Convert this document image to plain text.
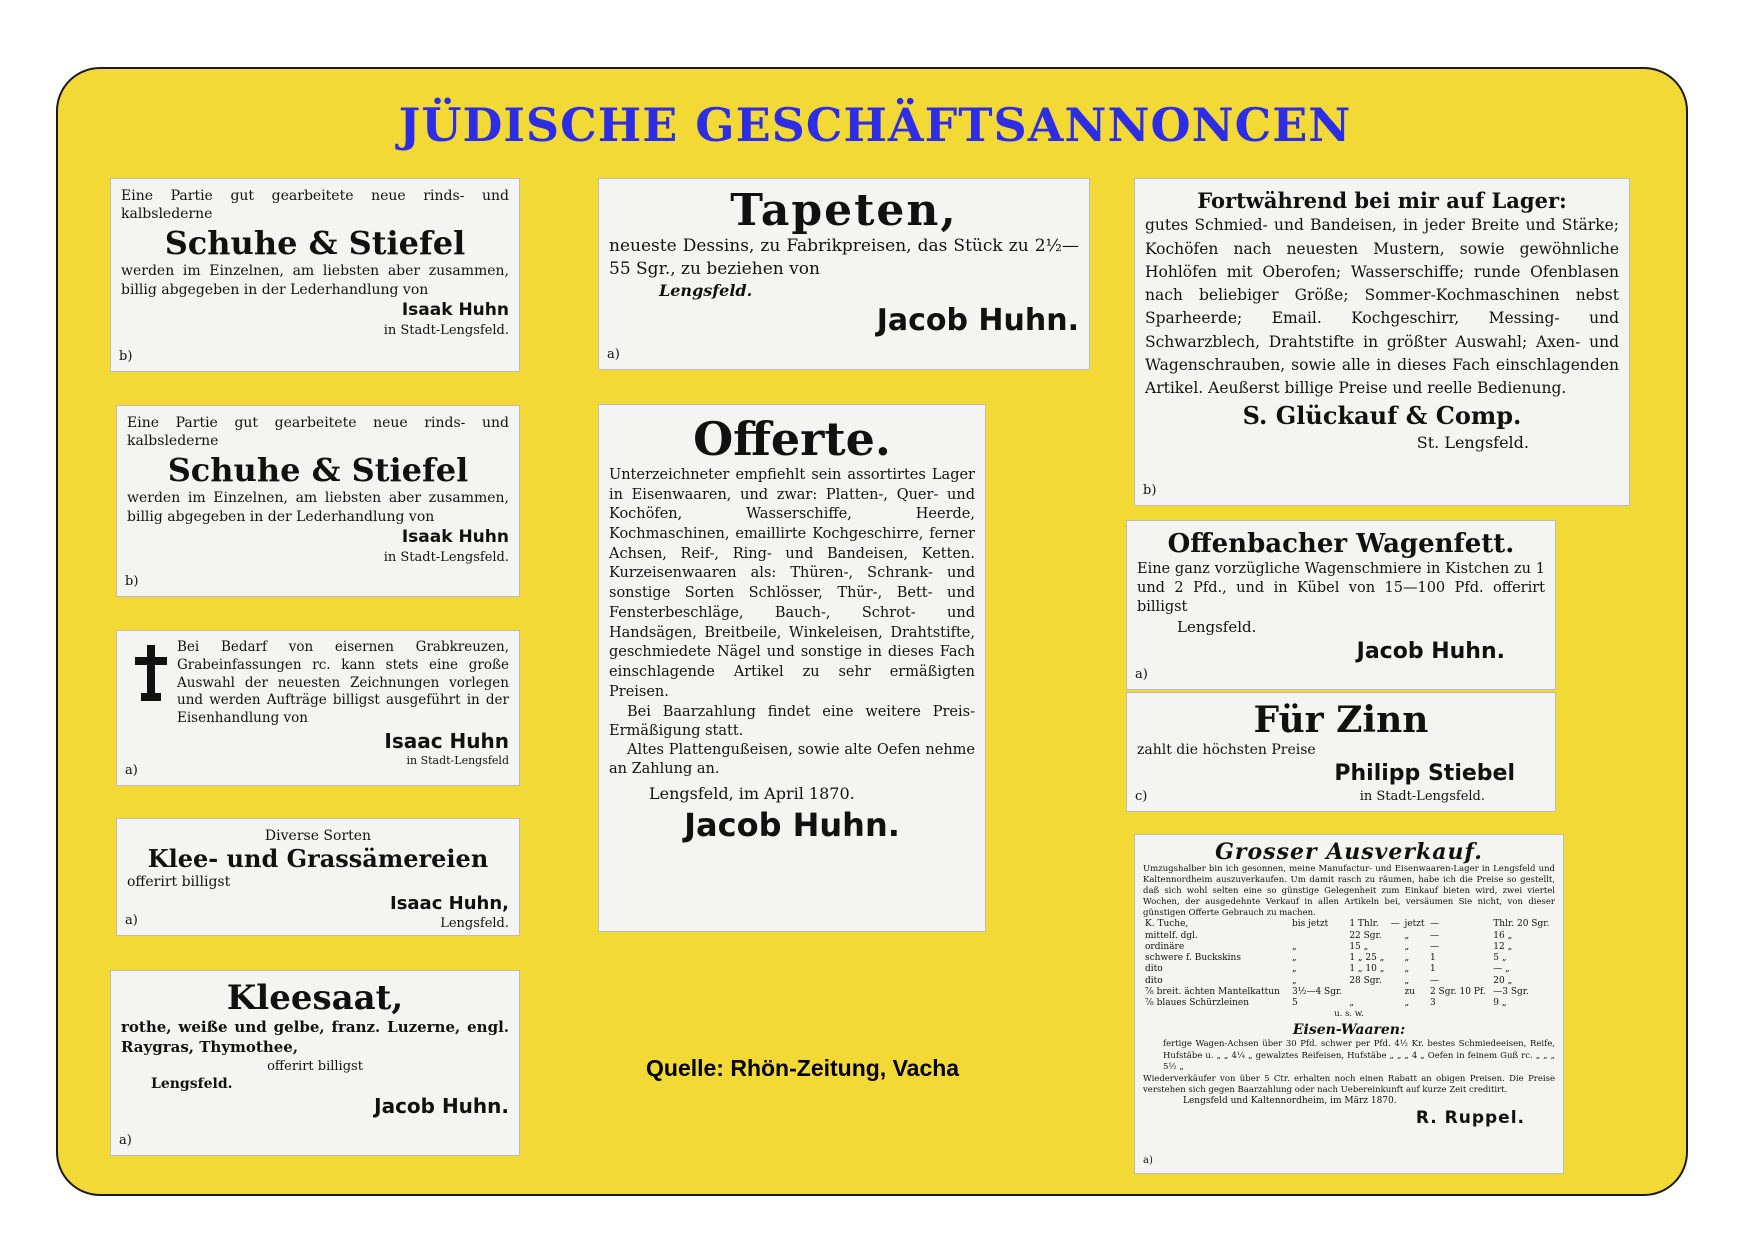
JÜDISCHE GESCHÄFTSANNONCEN
Eine Partie gut gearbeitete neue rinds- und kalbslederne
Schuhe & Stiefel
werden im Einzelnen, am liebsten aber zusammen, billig abgegeben in der Lederhandlung von
Isaak Huhn
in Stadt-Lengsfeld.
b)
Eine Partie gut gearbeitete neue rinds- und kalbslederne
Schuhe & Stiefel
werden im Einzelnen, am liebsten aber zusammen, billig abgegeben in der Lederhandlung von
Isaak Huhn
in Stadt-Lengsfeld.
b)
Bei Bedarf von eisernen Grabkreuzen, Grabeinfassungen rc. kann stets eine große Auswahl der neuesten Zeichnungen vorlegen und werden Aufträge billigst ausgeführt in der Eisenhandlung von
Isaac Huhn
in Stadt-Lengsfeld
a)
Diverse Sorten
Klee- und Grassämereien
offerirt billigst
Isaac Huhn,
Lengsfeld.
a)
Kleesaat,
rothe, weiße und gelbe, franz. Luzerne, engl. Raygras, Thymothee,
offerirt billigst
Lengsfeld.
Jacob Huhn.
a)
Tapeten,
neueste Dessins, zu Fabrikpreisen, das Stück zu 2½—55 Sgr., zu beziehen von
Lengsfeld.
Jacob Huhn.
a)
Offerte.
Unterzeichneter empfiehlt sein assortirtes Lager in Eisenwaaren, und zwar: Platten-, Quer- und Kochöfen, Wasserschiffe, Heerde, Kochmaschinen, emaillirte Kochgeschirre, ferner Achsen, Reif-, Ring- und Bandeisen, Ketten. Kurzeisenwaaren als: Thüren-, Schrank- und sonstige Sorten Schlösser, Thür-, Bett- und Fensterbeschläge, Bauch-, Schrot- und Handsägen, Breitbeile, Winkeleisen, Drahtstifte, geschmiedete Nägel und sonstige in dieses Fach einschlagende Artikel zu sehr ermäßigten Preisen.
Bei Baarzahlung findet eine weitere Preis-Ermäßigung statt.
Altes Plattengußeisen, sowie alte Oefen nehme an Zahlung an.
Lengsfeld, im April 1870.
Jacob Huhn.
Fortwährend bei mir auf Lager:
gutes Schmied- und Bandeisen, in jeder Breite und Stärke; Kochöfen nach neuesten Mustern, sowie gewöhnliche Hohlöfen mit Oberofen; Wasserschiffe; runde Ofenblasen nach beliebiger Größe; Sommer-Kochmaschinen nebst Sparheerde; Email. Kochgeschirr, Messing- und Schwarzblech, Drahtstifte in größter Auswahl; Axen- und Wagenschrauben, sowie alle in dieses Fach einschlagenden Artikel. Aeußerst billige Preise und reelle Bedienung.
S. Glückauf & Comp.
St. Lengsfeld.
b)
Offenbacher Wagenfett.
Eine ganz vorzügliche Wagenschmiere in Kistchen zu 1 und 2 Pfd., und in Kübel von 15—100 Pfd. offerirt billigst
Lengsfeld.
Jacob Huhn.
a)
Für Zinn
zahlt die höchsten Preise
Philipp Stiebel
in Stadt-Lengsfeld.
c)
Grosser Ausverkauf.
Umzugshalber bin ich gesonnen, meine Manufactur- und Eisenwaaren-Lager in Lengsfeld und Kaltennordheim auszuverkaufen. Um damit rasch zu räumen, habe ich die Preise so gestellt, daß sich wohl selten eine so günstige Gelegenheit zum Einkauf bieten wird, zwei viertel Wochen, der ausgedehnte Verkauf in allen Artikeln bei, versäumen Sie nicht, von dieser günstigen Offerte Gebrauch zu machen.
K. Tuche,	bis jetzt	1 Thlr.	—	jetzt	—	Thlr. 20 Sgr.
mittelf. dgl.		22 Sgr.		„	—	16 „
ordinäre	„	15 „		„	—	12 „
schwere f. Buckskins	„	1 „ 25 „		„	1	5 „
dito	„	1 „ 10 „		„	1	— „
dito	„	28 Sgr.		„	—	20 „
⅞ breit. ächten Mantelkattun	3½—4 Sgr.			zu	2 Sgr. 10 Pf.	—3 Sgr.
⅞ blaues Schürzleinen	5	„		„	3	9 „
u. s. w.
Eisen-Waaren:
fertige Wagen-Achsen über 30 Pfd. schwer per Pfd. 4½ Kr. bestes Schmiedeeisen, Reife, Hufstäbe u. „ „ 4¼ „ gewalztes Reifeisen, Hufstäbe „ „ „ 4 „ Oefen in feinem Guß rc. „ „ „ 5½ „
Wiederverkäufer von über 5 Ctr. erhalten noch einen Rabatt an obigen Preisen. Die Preise verstehen sich gegen Baarzahlung oder nach Uebereinkunft auf kurze Zeit creditirt.
Lengsfeld und Kaltennordheim, im März 1870.
R. Ruppel.
a)
Quelle: Rhön-Zeitung, Vacha
